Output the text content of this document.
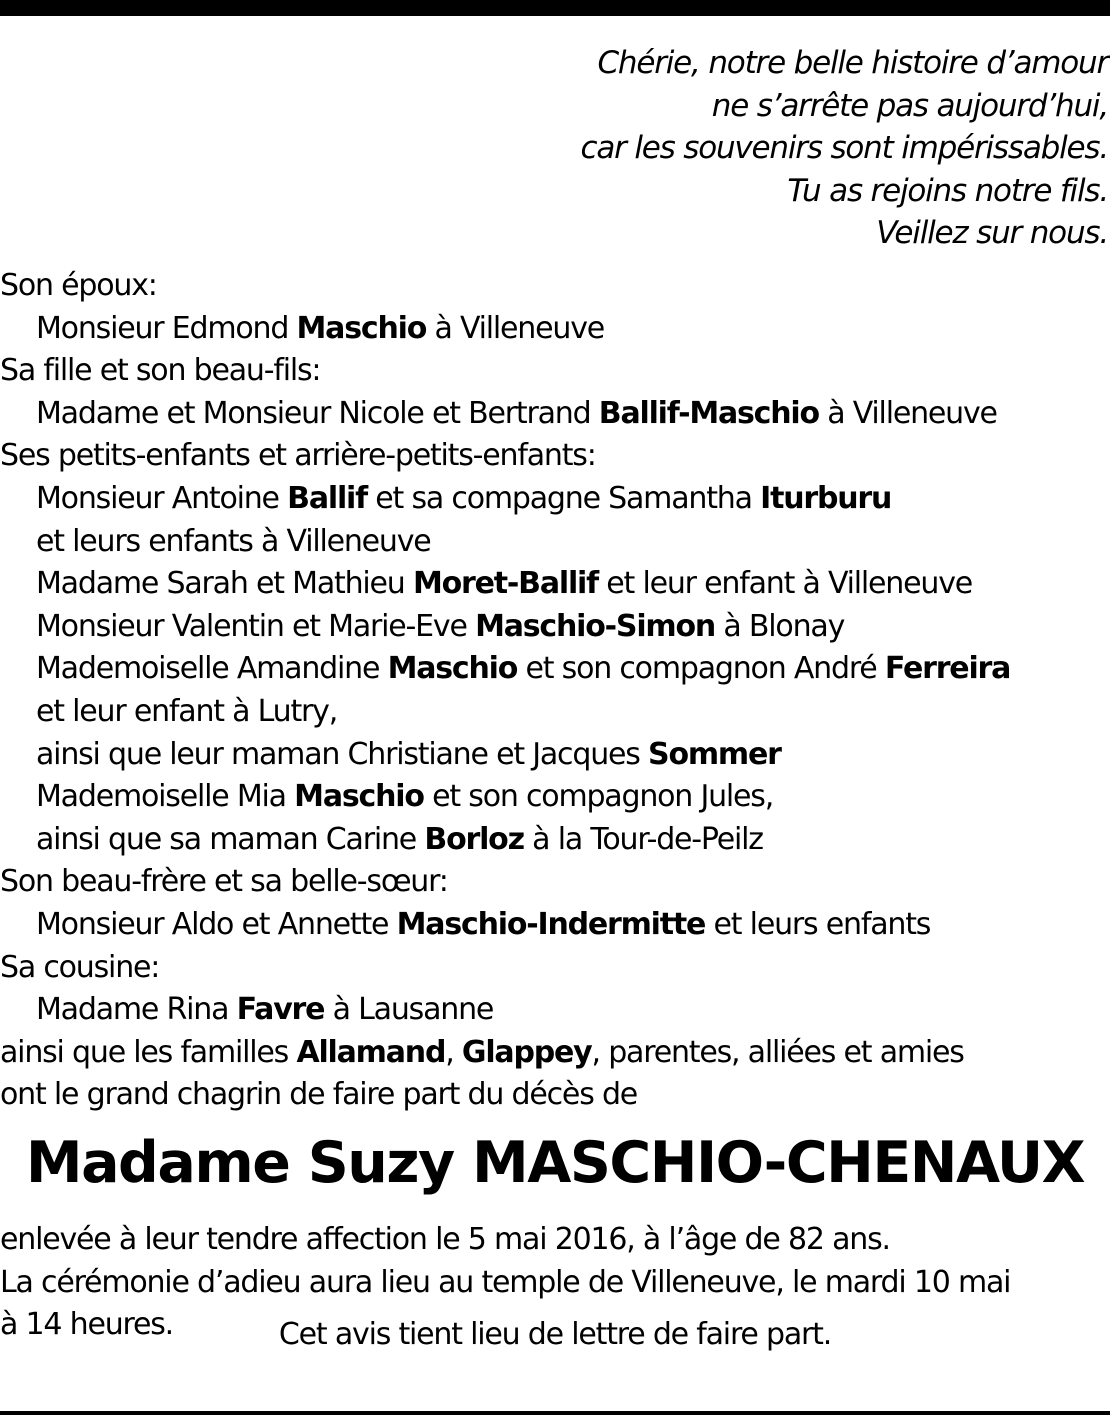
Chérie, notre belle histoire d’amour
ne s’arrête pas aujourd’hui,
car les souvenirs sont impérissables.
Tu as rejoins notre fils.
Veillez sur nous.
Son époux:
Monsieur Edmond Maschio à Villeneuve
Sa fille et son beau-fils:
Madame et Monsieur Nicole et Bertrand Ballif-Maschio à Villeneuve
Ses petits-enfants et arrière-petits-enfants:
Monsieur Antoine Ballif et sa compagne Samantha Iturburu
et leurs enfants à Villeneuve
Madame Sarah et Mathieu Moret-Ballif et leur enfant à Villeneuve
Monsieur Valentin et Marie-Eve Maschio-Simon à Blonay
Mademoiselle Amandine Maschio et son compagnon André Ferreira
et leur enfant à Lutry,
ainsi que leur maman Christiane et Jacques Sommer
Mademoiselle Mia Maschio et son compagnon Jules,
ainsi que sa maman Carine Borloz à la Tour-de-Peilz
Son beau-frère et sa belle-sœur:
Monsieur Aldo et Annette Maschio-Indermitte et leurs enfants
Sa cousine:
Madame Rina Favre à Lausanne
ainsi que les familles Allamand, Glappey, parentes, alliées et amies
ont le grand chagrin de faire part du décès de
Madame Suzy MASCHIO-CHENAUX
enlevée à leur tendre affection le 5 mai 2016, à l’âge de 82 ans.
La cérémonie d’adieu aura lieu au temple de Villeneuve, le mardi 10 mai
à 14 heures.	Cet avis tient lieu de lettre de faire part.
